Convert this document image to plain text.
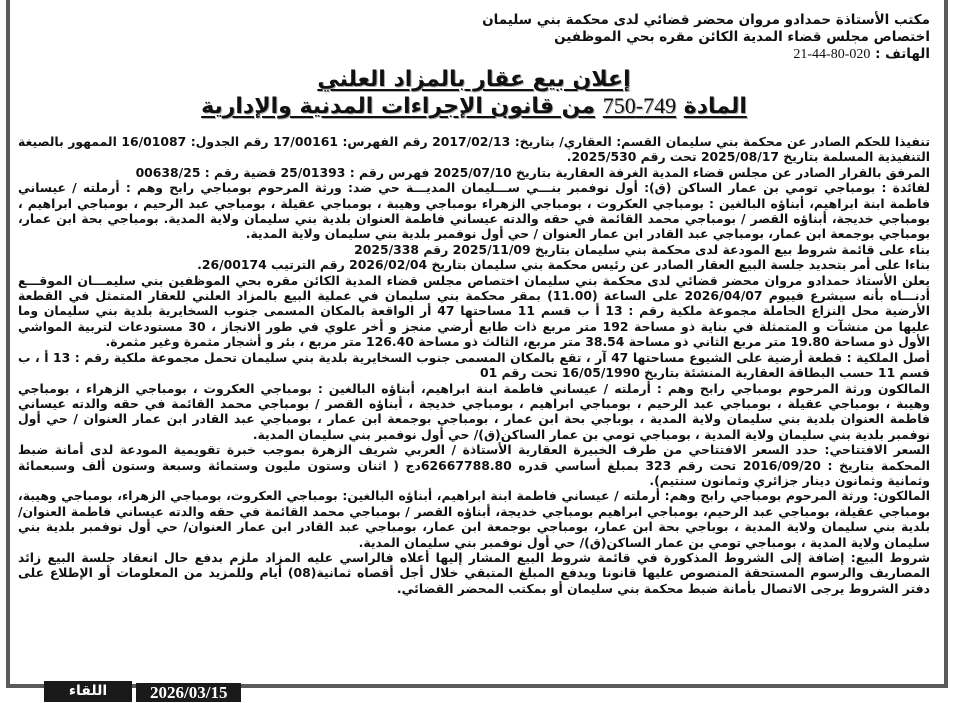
مكتب الأستاذة حمدادو مروان محضر قضائي لدى محكمة بني سليمان
اختصاص مجلس قضاء المدية الكائن مقره بحي الموظفين
الهاتف : 020-80-44-21
إعلان بيع عقار بالمزاد العلني
المادة 749-750 من قانون الإجراءات المدنية والإدارية

تنفيذا للحكم الصادر عن محكمة بني سليمان القسم: العقاري/ بتاريخ: 2017/02/13 رقم الفهرس: 17/00161 رقم الجدول: 16/01087 الممهور بالصيغة التنفيذية المسلمة بتاريخ 2025/08/17 تحت رقم 2025/530.

المرفق بالقرار الصادر عن مجلس قضاء المدية الغرفة العقارية بتاريخ 2025/07/10 فهرس رقم : 25/01393 قضية رقم : 00638/25

لفائدة : بومباجي تومي بن عمار الساكن (ق): أول نوفمبر بنـــي ســـليمان المديـــة حي ضد: ورثة المرحوم بومباجي رابح وهم : أرملته / عيساني فاطمة ابنة ابراهيم، أبناؤه البالغين : بومباجي العكروت ، بومباجي الزهراء بومباجي وهيبة ، بومباجي عقيلة ، بومباجي عبد الرحيم ، بومباجي ابراهيم ، بومباجي خديجة، أبناؤه القصر / بومباجي محمد القائمة في حقه والدته عيساني فاطمة العنوان بلدية بني سليمان ولاية المدية. بومباجي بحة ابن عمار، بومباجي بوجمعة ابن عمار، بومباجي عبد القادر ابن عمار العنوان / حي أول نوفمبر بلدية بني سليمان ولاية المدية.

بناء على قائمة شروط بيع المودعة لدى محكمة بني سليمان بتاريخ 2025/11/09 رقم 2025/338

بناءا على أمر بتحديد جلسة البيع العقار الصادر عن رئيس محكمة بني سليمان بتاريخ 2026/02/04 رقم الترتيب 26/00174.

يعلن الأستاذ حمدادو مروان محضر قضائي لدى محكمة بني سليمان اختصاص مجلس قضاء المدية الكائن مقره بحي الموظفين بني سليمـــان الموقـــع أدنـــاه بأنه سيشرع فييوم 2026/04/07 على الساعة (11.00) بمقر محكمة بني سليمان في عملية البيع بالمزاد العلني للعقار المتمثل في القطعة الأرضية محل النزاع الحاملة مجموعة ملكية رقم : 13 أ ب قسم 11 مساحتها 47 أر الواقعة بالمكان المسمى جنوب السخايرية بلدية بني سليمان وما عليها من منشآت و المتمثلة في بناية ذو مساحة 192 متر مربع ذات طابع أرضي منجز و أخر علوي في طور الانجاز ، 30 مستودعات لتربية المواشي الأول ذو مساحة 19.80 متر مربع الثاني ذو مساحة 38.54 متر مربع، الثالث ذو مساحة 126.40 متر مربع ، بئر و أشجار مثمرة وغير مثمرة.

أصل الملكية : قطعة أرضية على الشيوع مساحتها 47 آر ، تقع بالمكان المسمى جنوب السخايرية بلدية بني سليمان تحمل مجموعة ملكية رقم : 13 أ ، ب قسم 11 حسب البطاقة العقارية المنشئة بتاريخ 16/05/1990 تحت رقم 01

المالكون ورثة المرحوم بومباجي رابح وهم : أرملته / عيساني فاطمة ابنة ابراهيم، أبناؤه البالغين : بومباجي العكروت ، بومباجي الزهراء ، بومباجي وهيبة ، بومباجي عقيلة ، بومباجي عبد الرحيم ، بومباجي ابراهيم ، بومباجي خديجة ، أبناؤه القصر / بومباجي محمد القائمة في حقه والدته عيساني فاطمة العنوان بلدية بني سليمان ولاية المدية ، بوباجي بحة ابن عمار ، بومباجي بوجمعة ابن عمار ، بومباجي عبد القادر ابن عمار العنوان / حي أول نوفمبر بلدية بني سليمان ولاية المدية ، بومباجي تومي بن عمار الساكن(ق)/ حي أول نوفمبر بني سليمان المدية.

السعر الافتتاحي: حدد السعر الافتتاحي من طرف الخبيرة العقارية الأستاذة / العربي شريف الزهرة بموجب خبرة تقويمية المودعة لدى أمانة ضبط المحكمة بتاريخ : 2016/09/20 تحت رقم 323 بمبلغ أساسي قدره 62667788.80دج ( اثنان وستون مليون وستمائة وسبعة وستون ألف وسبعمائة وثمانية وثمانون دينار جزائري وثمانون سنتيم).

المالكون: ورثة المرحوم بومباجي رابح وهم: أرملته / عيساني فاطمة ابنة ابراهيم، أبناؤه البالغين: بومباجي العكروت، بومباجي الزهراء، بومباجي وهيبة، بومباجي عقيلة، بومباجي عبد الرحيم، بومباجي ابراهيم بومباجي خديجة، أبناؤه القصر / بومباجي محمد القائمة في حقه والدته عيساني فاطمة العنوان/ بلدية بني سليمان ولاية المدية ، بوباجي بحة ابن عمار، بومباجي بوجمعة ابن عمار، بومباجي عبد القادر ابن عمار العنوان/ حي أول نوفمبر بلدية بني سليمان ولاية المدية ، بومباجي تومي بن عمار الساكن(ق)/ حي أول نوفمبر بني سليمان المدية.

شروط البيع: إضافة إلى الشروط المذكورة في قائمة شروط البيع المشار إليها أعلاه فالراسي عليه المزاد ملزم بدفع حال انعقاد جلسة البيع زائد المصاريف والرسوم المستحقة المنصوص عليها قانونا ويدفع المبلغ المتبقي خلال أجل أقصاه ثمانية(08) أيام وللمزيد من المعلومات أو الإطلاع على دفتر الشروط يرجى الاتصال بأمانة ضبط محكمة بني سليمان أو بمكتب المحضر القضائي.

اللقاء	2026/03/15
